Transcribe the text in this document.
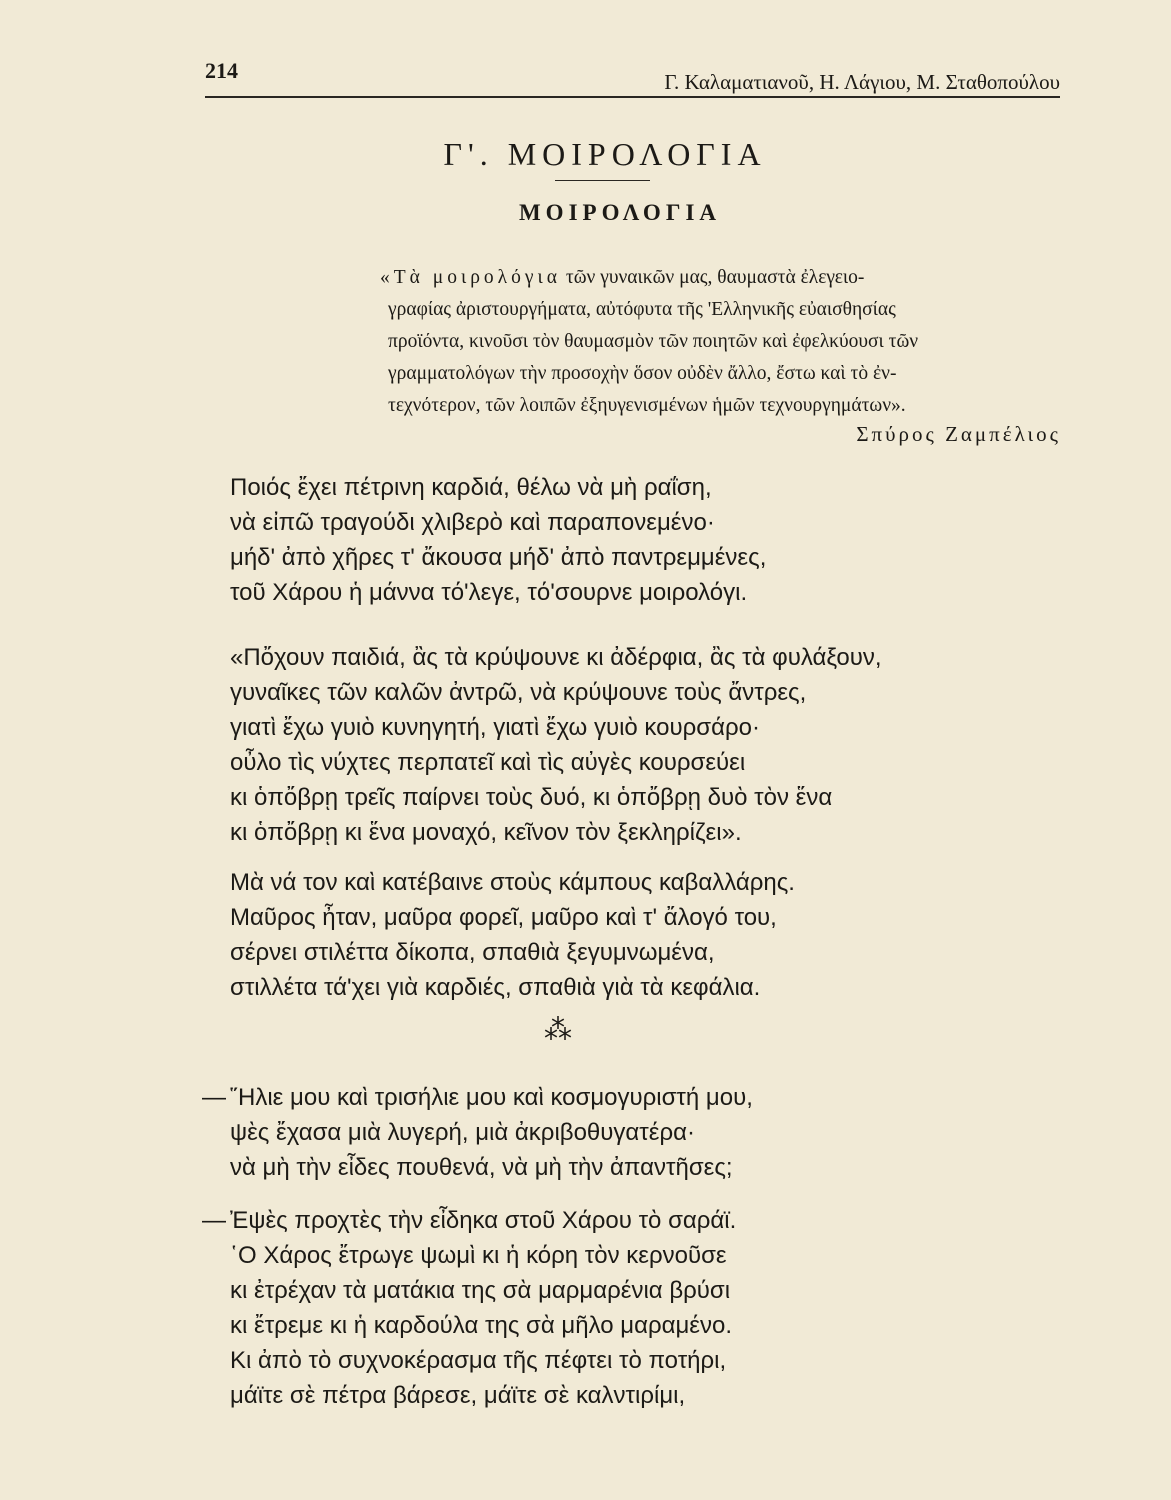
214	Γ. Καλαματιανοῦ, Η. Λάγιου, Μ. Σταθοπούλου
Γ'. ΜΟΙΡΟΛΟΓΙΑ
ΜΟΙΡΟΛΟΓΙΑ
«Τὰ μοιρολόγια τῶν γυναικῶν μας, θαυμαστὰ ἐλεγειο-
γραφίας ἀριστουργήματα, αὐτόφυτα τῆς 'Ελληνικῆς εὐαισθησίας
προϊόντα, κινοῦσι τὸν θαυμασμὸν τῶν ποιητῶν καὶ ἐφελκύουσι τῶν
γραμματολόγων τὴν προσοχὴν ὅσον οὐδὲν ἄλλο, ἔστω καὶ τὸ ἐν-
τεχνότερον, τῶν λοιπῶν ἐξηυγενισμένων ἡμῶν τεχνουργημάτων».
Σπύρος Ζαμπέλιος
Ποιός ἔχει πέτρινη καρδιά, θέλω νὰ μὴ ραΐση,
νὰ εἰπῶ τραγούδι χλιβερὸ καὶ παραπονεμένο·
μήδ' ἀπὸ χῆρες τ' ἄκουσα μήδ' ἀπὸ παντρεμμένες,
τοῦ Χάρου ἡ μάννα τό'λεγε, τό'σουρνε μοιρολόγι.
«Πὄχουν παιδιά, ἂς τὰ κρύψουνε κι ἀδέρφια, ἂς τὰ φυλάξουν,
γυναῖκες τῶν καλῶν ἀντρῶ, νὰ κρύψουνε τοὺς ἄντρες,
γιατὶ ἔχω γυιὸ κυνηγητή, γιατὶ ἔχω γυιὸ κουρσάρο·
οὖλο τὶς νύχτες περπατεῖ καὶ τὶς αὐγὲς κουρσεύει
κι ὁπὄβρῃ τρεῖς παίρνει τοὺς δυό, κι ὁπὄβρῃ δυὸ τὸν ἕνα
κι ὁπὄβρῃ κι ἕνα μοναχό, κεῖνον τὸν ξεκληρίζει».
Μὰ νά τον καὶ κατέβαινε στοὺς κάμπους καβαλλάρης.
Μαῦρος ἦταν, μαῦρα φορεῖ, μαῦρο καὶ τ' ἄλογό του,
σέρνει στιλέττα δίκοπα, σπαθιὰ ξεγυμνωμένα,
στιλλέτα τά'χει γιὰ καρδιές, σπαθιὰ γιὰ τὰ κεφάλια.
⁂
— ῞Ηλιε μου καὶ τρισήλιε μου καὶ κοσμογυριστή μου,
ψὲς ἔχασα μιὰ λυγερή, μιὰ ἀκριβοθυγατέρα·
νὰ μὴ τὴν εἶδες πουθενά, νὰ μὴ τὴν ἀπαντῆσες;
— Ἐψὲς προχτὲς τὴν εἶδηκα στοῦ Χάρου τὸ σαράϊ.
῾Ο Χάρος ἔτρωγε ψωμὶ κι ἡ κόρη τὸν κερνοῦσε
κι ἐτρέχαν τὰ ματάκια της σὰ μαρμαρένια βρύσι
κι ἔτρεμε κι ἡ καρδούλα της σὰ μῆλο μαραμένο.
Κι ἀπὸ τὸ συχνοκέρασμα τῆς πέφτει τὸ ποτήρι,
μάϊτε σὲ πέτρα βάρεσε, μάϊτε σὲ καλντιρίμι,
